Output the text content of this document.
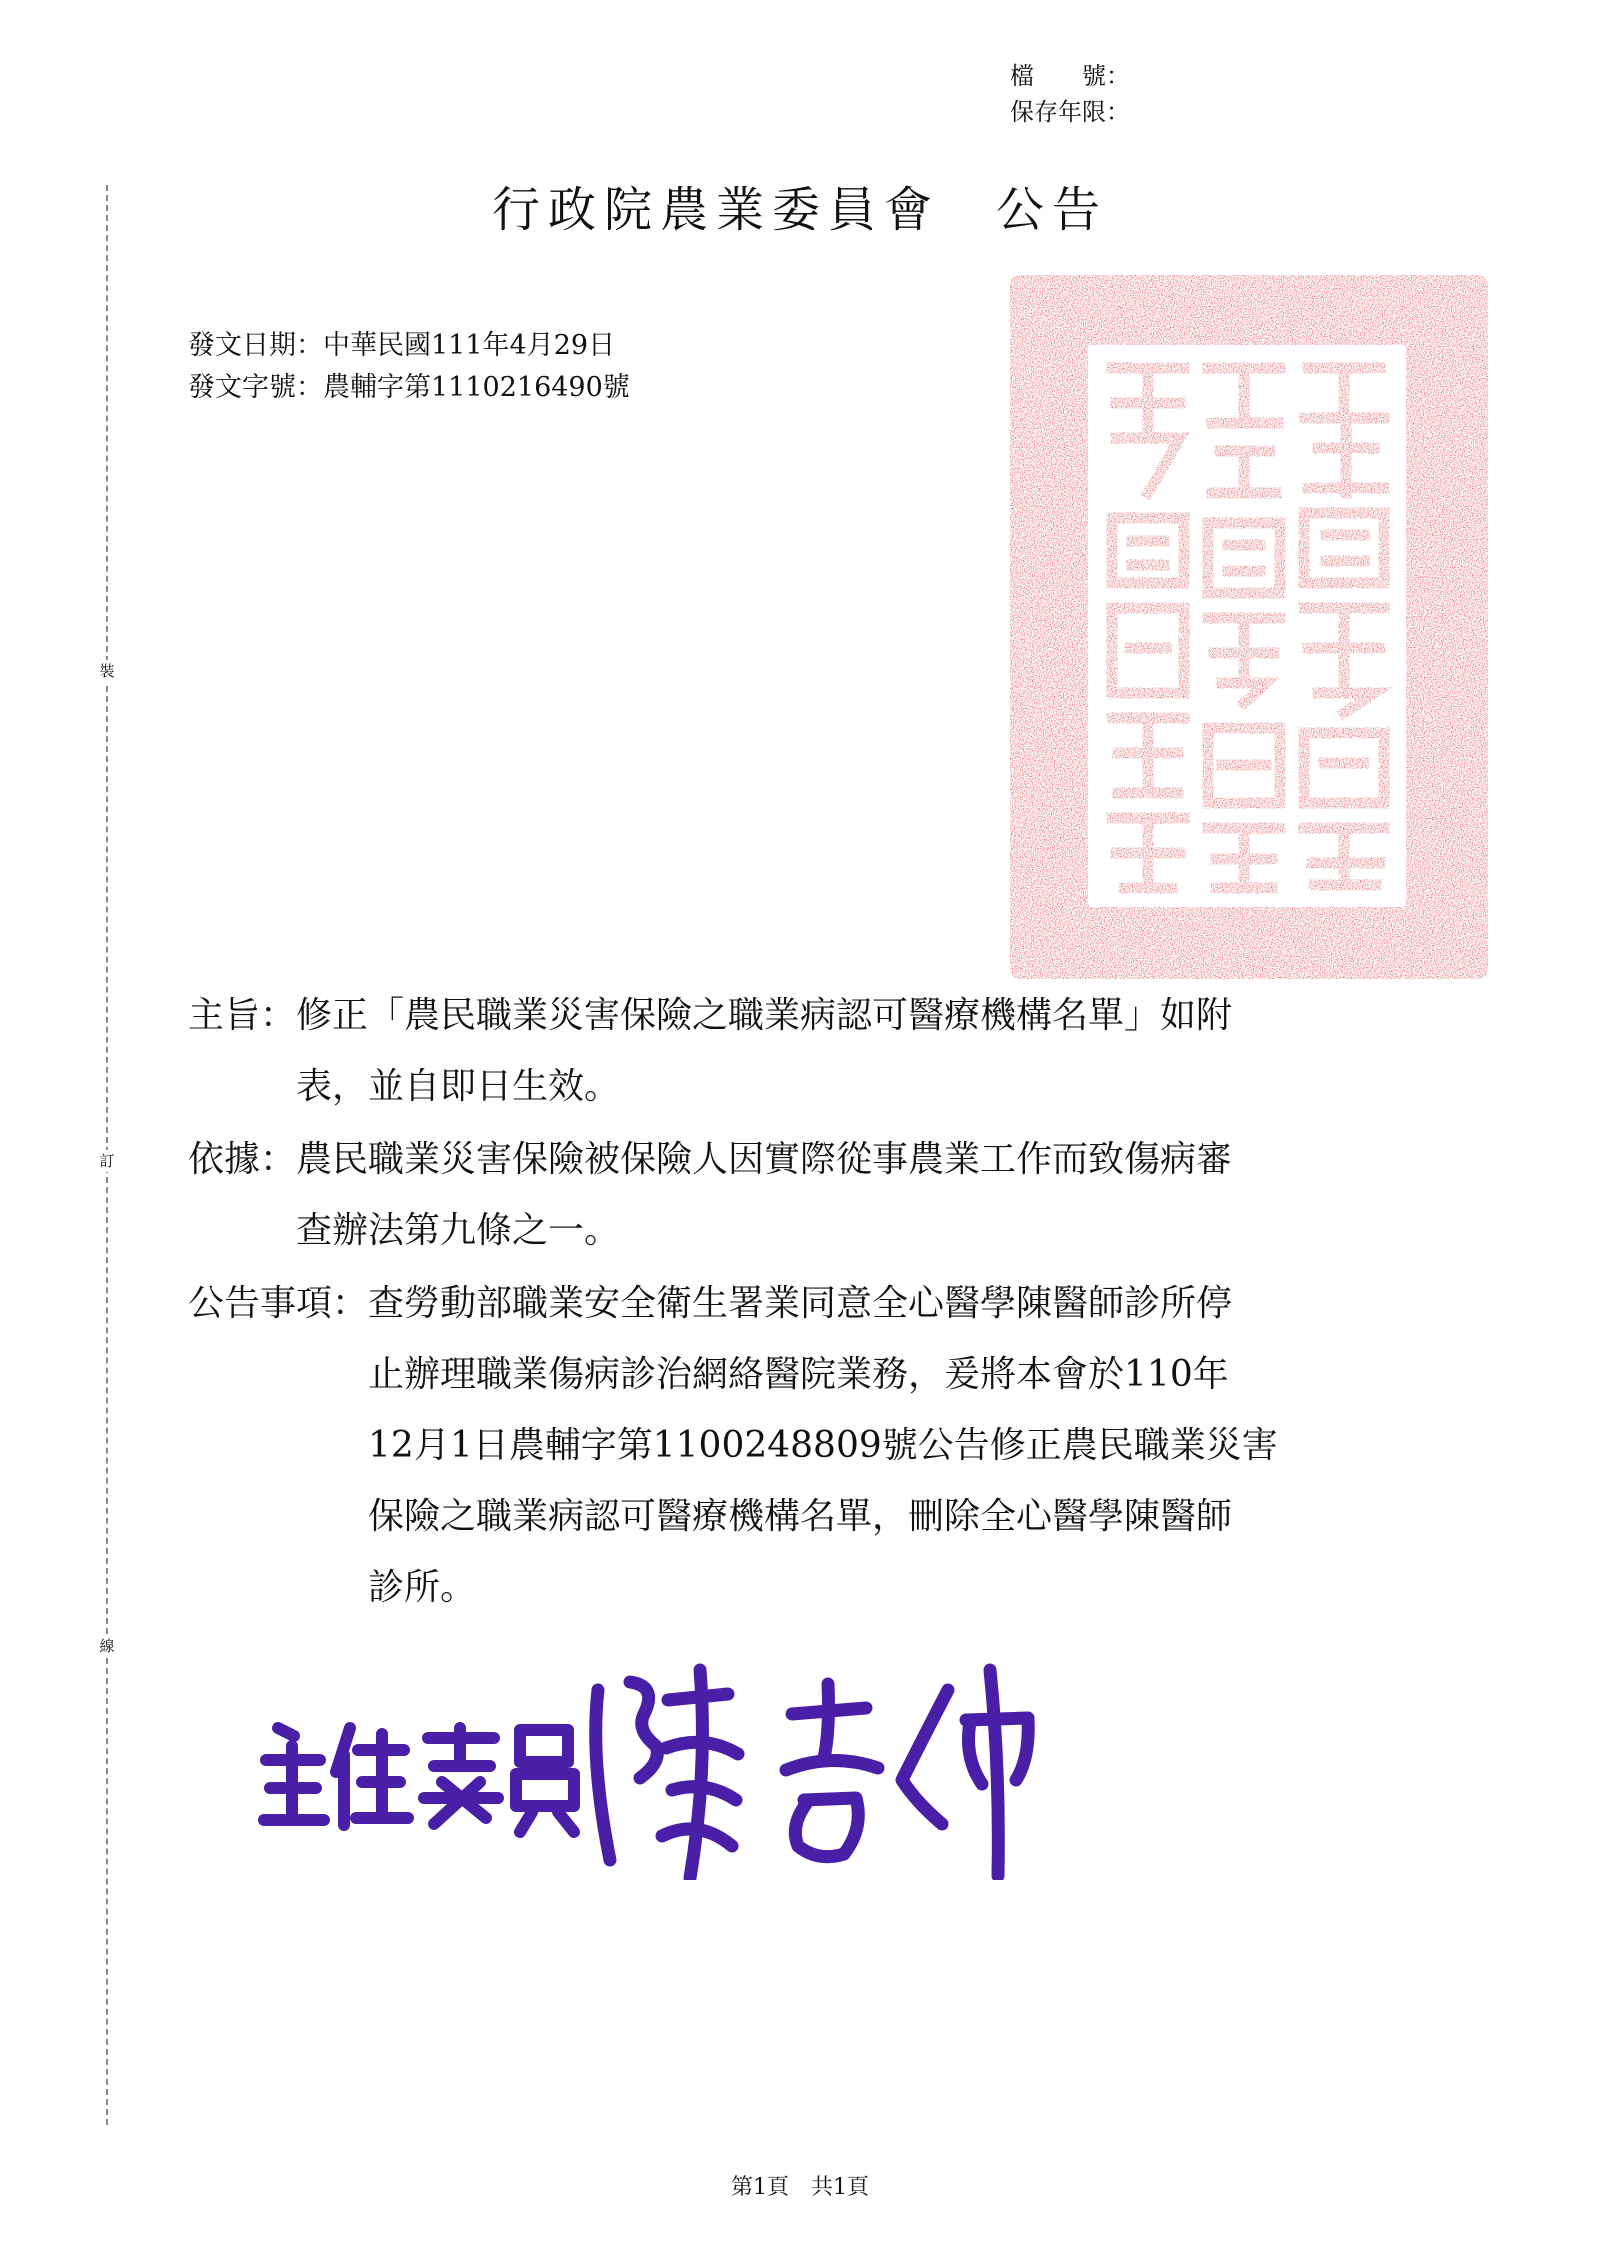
檔　　號：
保存年限：
裝
訂
線
行政院農業委員會　公告
發文日期：中華民國111年4月29日
發文字號：農輔字第1110216490號
主旨： 修正「農民職業災害保險之職業病認可醫療機構名單」如附
表，並自即日生效。
依據： 農民職業災害保險被保險人因實際從事農業工作而致傷病審
查辦法第九條之一。
公告事項： 查勞動部職業安全衛生署業同意全心醫學陳醫師診所停
止辦理職業傷病診治網絡醫院業務，爰將本會於110年
12月1日農輔字第1100248809號公告修正農民職業災害
保險之職業病認可醫療機構名單，刪除全心醫學陳醫師
診所。
第1頁　共1頁
